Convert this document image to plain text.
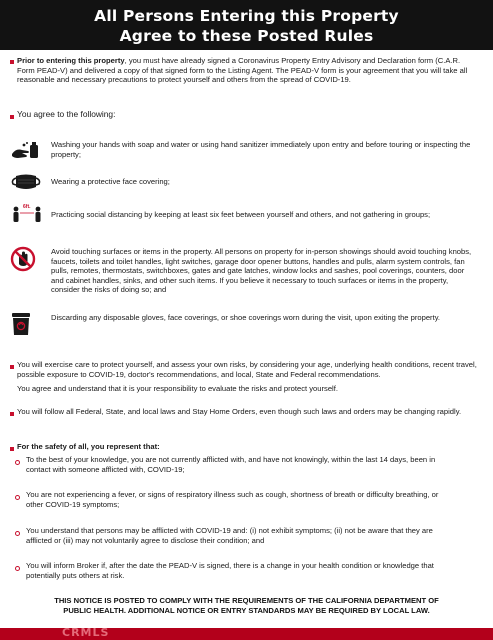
All Persons Entering this Property
Agree to these Posted Rules
Prior to entering this property, you must have already signed a Coronavirus Property Entry Advisory and Declaration form (C.A.R. Form PEAD-V) and delivered a copy of that signed form to the Listing Agent. The PEAD-V form is your agreement that you will take all reasonable and necessary precautions to protect yourself and others from the spread of COVID-19.
You agree to the following:
Washing your hands with soap and water or using hand sanitizer immediately upon entry and before touring or inspecting the property;
Wearing a protective face covering;
6ft.
Practicing social distancing by keeping at least six feet between yourself and others, and not gathering in groups;
Avoid touching surfaces or items in the property. All persons on property for in-person showings should avoid touching knobs, faucets, toilets and toilet handles, light switches, garage door opener buttons, handles and pulls, alarm system controls, fan pulls, remotes, thermostats, switchboxes, gates and gate latches, window locks and sashes, pool coverings, counters, door and cabinet handles, sinks, and other such items. If you believe it necessary to touch surfaces or items in the property, consider the risks of doing so; and
Discarding any disposable gloves, face coverings, or shoe coverings worn during the visit, upon exiting the property.
You will exercise care to protect yourself, and assess your own risks, by considering your age, underlying health conditions, recent travel, possible exposure to COVID-19, doctor's recommendations, and local, State and Federal recommendations.
You agree and understand that it is your responsibility to evaluate the risks and protect yourself.
You will follow all Federal, State, and local laws and Stay Home Orders, even though such laws and orders may be changing rapidly.
For the safety of all, you represent that:
To the best of your knowledge, you are not currently afflicted with, and have not knowingly, within the last 14 days, been in contact with someone afflicted with, COVID-19;
You are not experiencing a fever, or signs of respiratory illness such as cough, shortness of breath or difficulty breathing, or other COVID-19 symptoms;
You understand that persons may be afflicted with COVID-19 and: (i) not exhibit symptoms; (ii) not be aware that they are afflicted or (iii) may not voluntarily agree to disclose their condition; and
You will inform Broker if, after the date the PEAD-V is signed, there is a change in your health condition or knowledge that potentially puts others at risk.
THIS NOTICE IS POSTED TO COMPLY WITH THE REQUIREMENTS OF THE CALIFORNIA DEPARTMENT OF
PUBLIC HEALTH. ADDITIONAL NOTICE OR ENTRY STANDARDS MAY BE REQUIRED BY LOCAL LAW.
CRMLS
